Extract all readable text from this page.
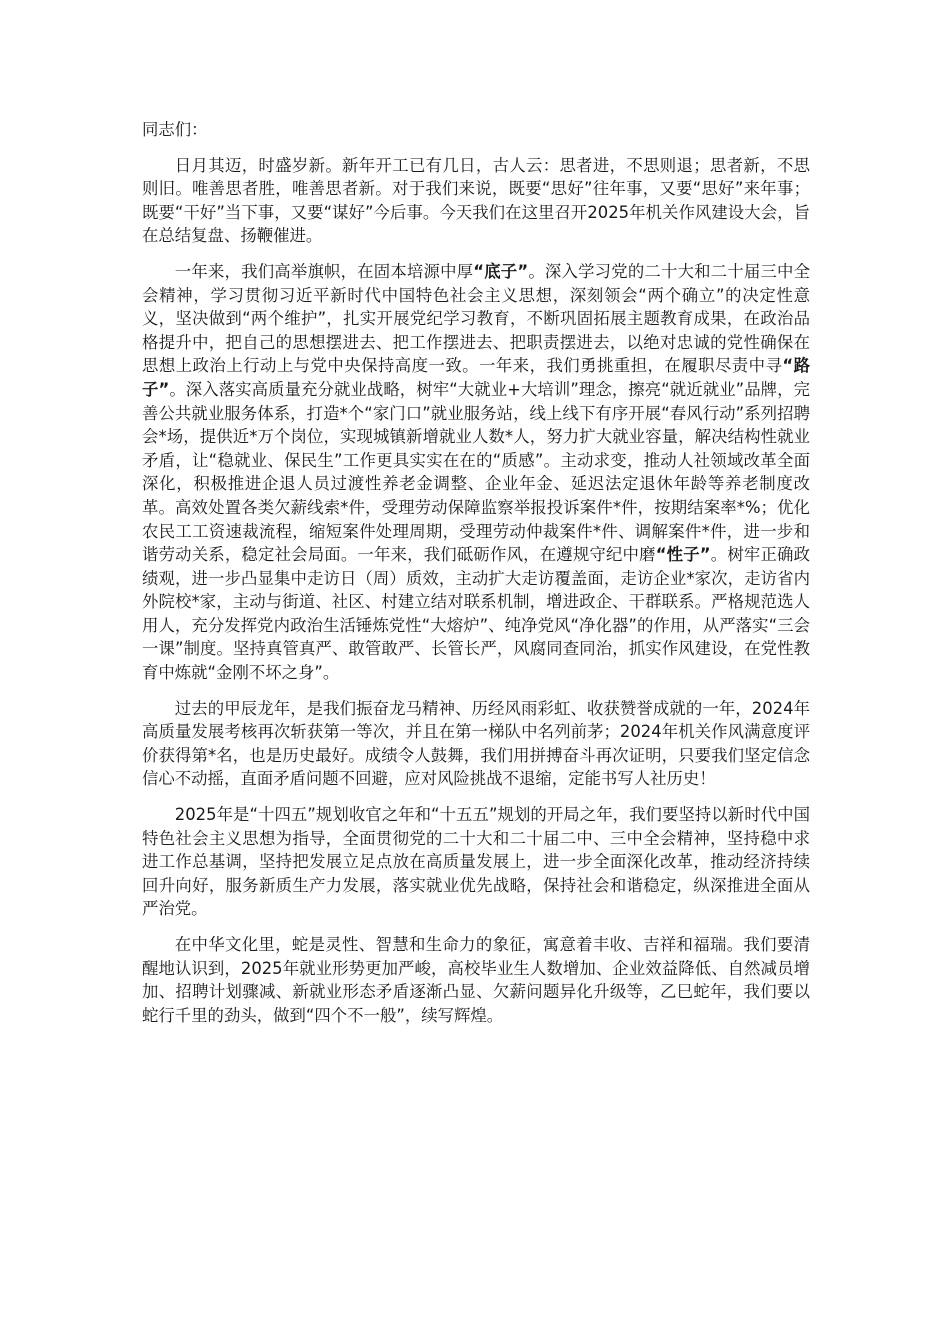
同志们：

日月其迈，时盛岁新。新年开工已有几日，古人云：思者进，不思则退；思者新，不思则旧。唯善思者胜，唯善思者新。对于我们来说，既要“思好”往年事，又要“思好”来年事；既要“干好”当下事，又要“谋好”今后事。今天我们在这里召开2025年机关作风建设大会，旨在总结复盘、扬鞭催进。

一年来，我们高举旗帜，在固本培源中厚“底子”。深入学习党的二十大和二十届三中全会精神，学习贯彻习近平新时代中国特色社会主义思想，深刻领会“两个确立”的决定性意义，坚决做到“两个维护”，扎实开展党纪学习教育，不断巩固拓展主题教育成果，在政治品格提升中，把自己的思想摆进去、把工作摆进去、把职责摆进去，以绝对忠诚的党性确保在思想上政治上行动上与党中央保持高度一致。一年来，我们勇挑重担，在履职尽责中寻“路子”。深入落实高质量充分就业战略，树牢“大就业+大培训”理念，擦亮“就近就业”品牌，完善公共就业服务体系，打造*个“家门口”就业服务站，线上线下有序开展“春风行动”系列招聘会*场，提供近*万个岗位，实现城镇新增就业人数*人，努力扩大就业容量，解决结构性就业矛盾，让“稳就业、保民生”工作更具实实在在的“质感”。主动求变，推动人社领域改革全面深化，积极推进企退人员过渡性养老金调整、企业年金、延迟法定退休年龄等养老制度改革。高效处置各类欠薪线索*件，受理劳动保障监察举报投诉案件*件，按期结案率*%；优化农民工工资速裁流程，缩短案件处理周期，受理劳动仲裁案件*件、调解案件*件，进一步和谐劳动关系，稳定社会局面。一年来，我们砥砺作风，在遵规守纪中磨“性子”。树牢正确政绩观，进一步凸显集中走访日（周）质效，主动扩大走访覆盖面，走访企业*家次，走访省内外院校*家，主动与街道、社区、村建立结对联系机制，增进政企、干群联系。严格规范选人用人，充分发挥党内政治生活锤炼党性“大熔炉”、纯净党风“净化器”的作用，从严落实“三会一课”制度。坚持真管真严、敢管敢严、长管长严，风腐同查同治，抓实作风建设，在党性教育中炼就“金刚不坏之身”。

过去的甲辰龙年，是我们振奋龙马精神、历经风雨彩虹、收获赞誉成就的一年，2024年高质量发展考核再次斩获第一等次，并且在第一梯队中名列前茅；2024年机关作风满意度评价获得第*名，也是历史最好。成绩令人鼓舞，我们用拼搏奋斗再次证明，只要我们坚定信念信心不动摇，直面矛盾问题不回避，应对风险挑战不退缩，定能书写人社历史！

2025年是“十四五”规划收官之年和“十五五”规划的开局之年，我们要坚持以新时代中国特色社会主义思想为指导，全面贯彻党的二十大和二十届二中、三中全会精神，坚持稳中求进工作总基调，坚持把发展立足点放在高质量发展上，进一步全面深化改革，推动经济持续回升向好，服务新质生产力发展，落实就业优先战略，保持社会和谐稳定，纵深推进全面从严治党。

在中华文化里，蛇是灵性、智慧和生命力的象征，寓意着丰收、吉祥和福瑞。我们要清醒地认识到，2025年就业形势更加严峻，高校毕业生人数增加、企业效益降低、自然减员增加、招聘计划骤减、新就业形态矛盾逐渐凸显、欠薪问题异化升级等，乙巳蛇年，我们要以蛇行千里的劲头，做到“四个不一般”，续写辉煌。
